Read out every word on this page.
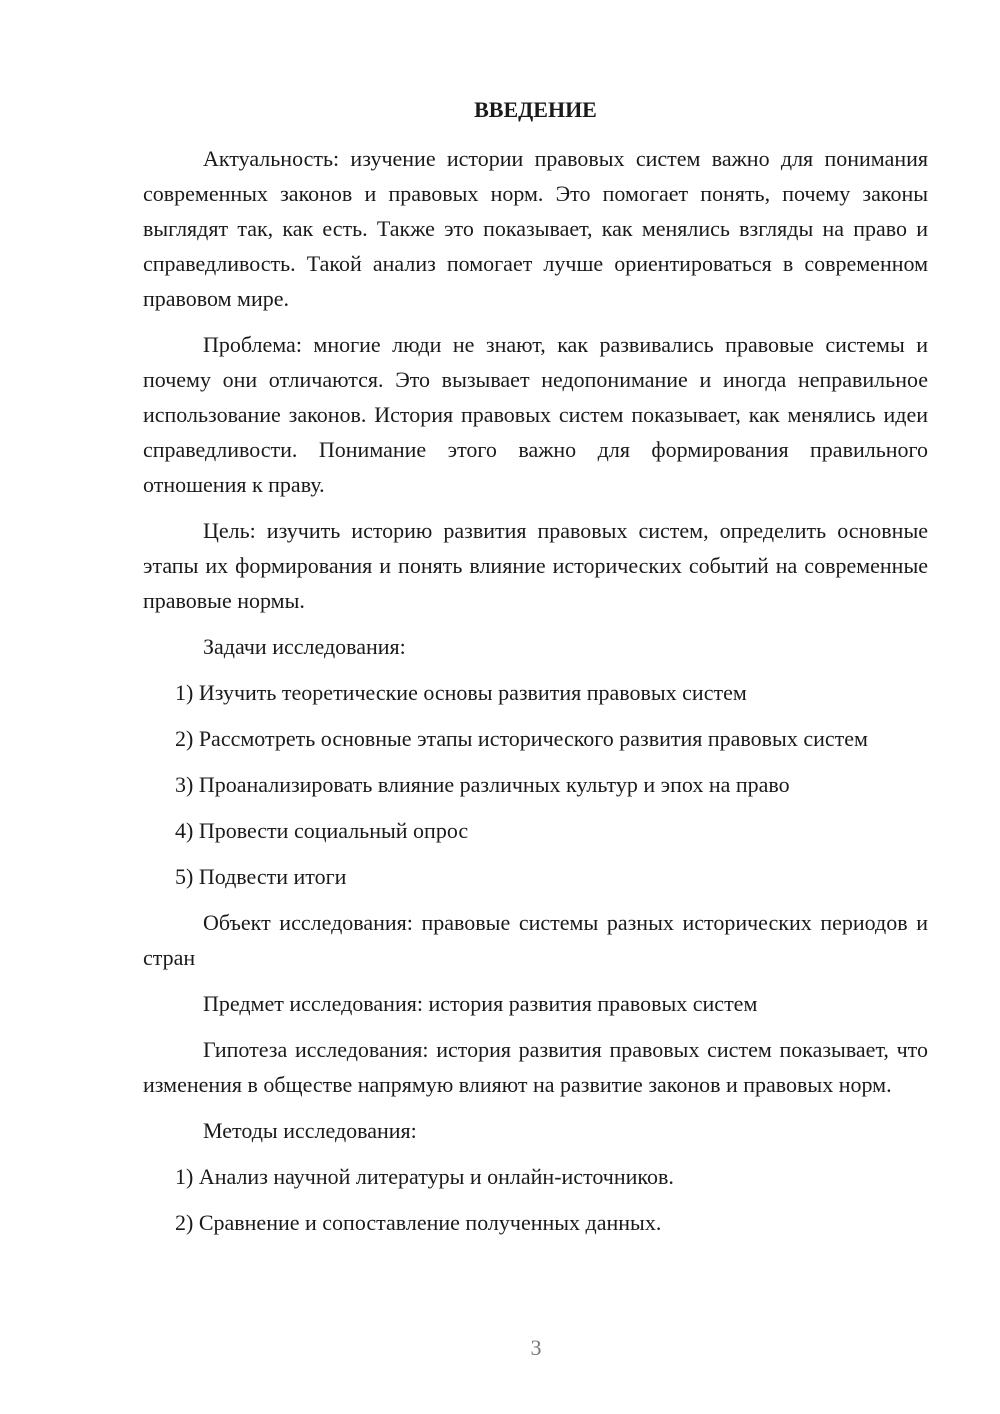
ВВЕДЕНИЕ

Актуальность: изучение истории правовых систем важно для понимания современных законов и правовых норм. Это помогает понять, почему законы выглядят так, как есть. Также это показывает, как менялись взгляды на право и справедливость. Такой анализ помогает лучше ориентироваться в современном правовом мире.

Проблема: многие люди не знают, как развивались правовые системы и почему они отличаются. Это вызывает недопонимание и иногда неправильное использование законов. История правовых систем показывает, как менялись идеи справедливости. Понимание этого важно для формирования правильного отношения к праву.

Цель: изучить историю развития правовых систем, определить основные этапы их формирования и понять влияние исторических событий на современные правовые нормы.

Задачи исследования:

1) Изучить теоретические основы развития правовых систем

2) Рассмотреть основные этапы исторического развития правовых систем

3) Проанализировать влияние различных культур и эпох на право

4) Провести социальный опрос

5) Подвести итоги

Объект исследования: правовые системы разных исторических периодов и стран

Предмет исследования: история развития правовых систем

Гипотеза исследования: история развития правовых систем показывает, что изменения в обществе напрямую влияют на развитие законов и правовых норм.

Методы исследования:

1) Анализ научной литературы и онлайн-источников.

2) Сравнение и сопоставление полученных данных.

3
